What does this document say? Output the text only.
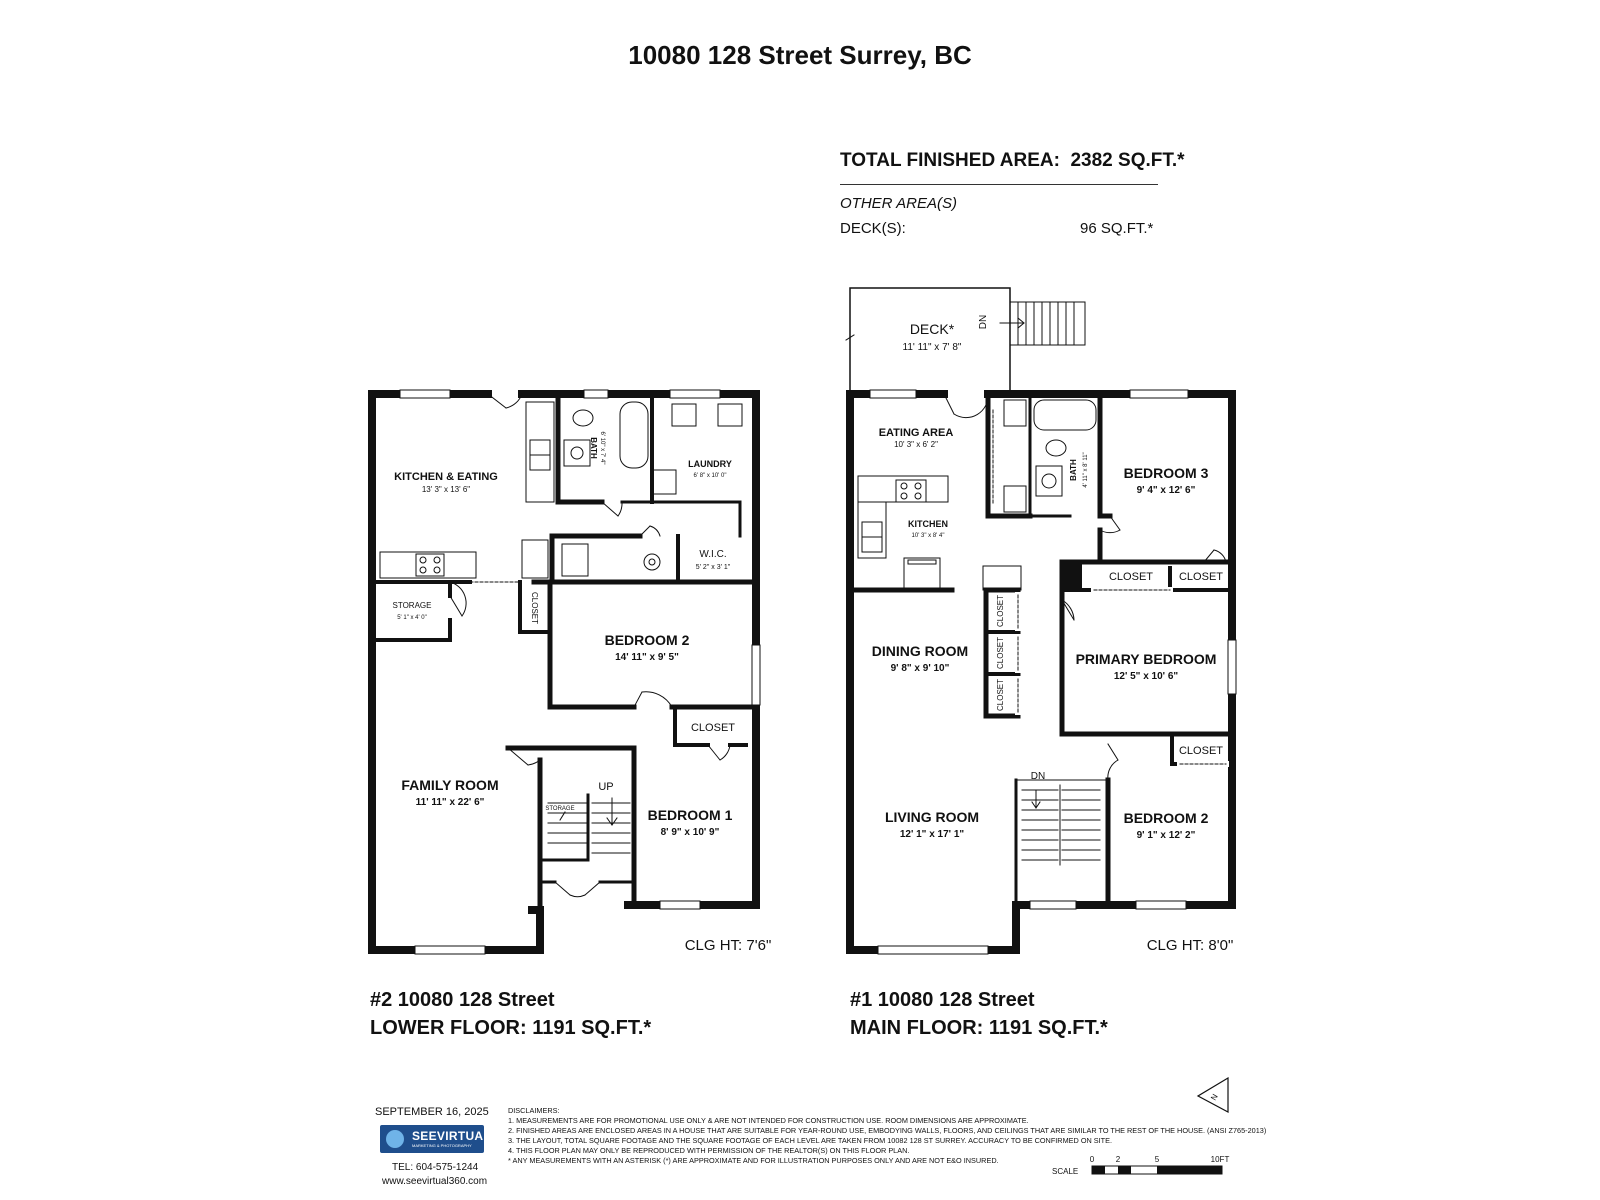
10080 128 Street Surrey, BC
TOTAL FINISHED AREA: 2382 SQ.FT.*
OTHER AREA(S)
DECK(S):	96 SQ.FT.*
KITCHEN & EATING
13' 3" x 13' 6"
BATH 6' 10" x 7' 4"	LAUNDRY
6' 8" x 10' 0"
W.I.C.
5' 2" x 3' 1"
STORAGE
5' 1" x 4' 0"	CLOSET
BEDROOM 2
14' 11" x 9' 5"
CLOSET
FAMILY ROOM
11' 11" x 22' 6"
STORAGE
UP
BEDROOM 1
8' 9" x 10' 9"
CLG HT: 7'6"
DECK*
11' 11" x 7' 8"
DN
EATING AREA
10' 3" x 6' 2"
KITCHEN
10' 3" x 8' 4"
BATH 4' 11" x 8' 11" BEDROOM 3
9' 4" x 12' 6"
CLOSET CLOSET
CLOSET
CLOSET
CLOSET
CLOSET
DINING ROOM
9' 8" x 9' 10"
PRIMARY BEDROOM
12' 5" x 10' 6"
LIVING ROOM
12' 1" x 17' 1"
DN
BEDROOM 2
9' 1" x 12' 2"
CLG HT: 8'0"
#2 10080 128 Street
LOWER FLOOR: 1191 SQ.FT.*
#1 10080 128 Street
MAIN FLOOR: 1191 SQ.FT.*
SCALE
0	2	5	10FT
N
SEPTEMBER 16, 2025
SEEVIRTUAL
MARKETING & PHOTOGRAPHY
TEL: 604-575-1244
www.seevirtual360.com
DISCLAIMERS:
1. MEASUREMENTS ARE FOR PROMOTIONAL USE ONLY & ARE NOT INTENDED FOR CONSTRUCTION USE. ROOM DIMENSIONS ARE APPROXIMATE.
2. FINISHED AREAS ARE ENCLOSED AREAS IN A HOUSE THAT ARE SUITABLE FOR YEAR-ROUND USE, EMBODYING WALLS, FLOORS, AND CEILINGS THAT ARE SIMILAR TO THE REST OF THE HOUSE. (ANSI Z765-2013)
3. THE LAYOUT, TOTAL SQUARE FOOTAGE AND THE SQUARE FOOTAGE OF EACH LEVEL ARE TAKEN FROM 10082 128 ST SURREY. ACCURACY TO BE CONFIRMED ON SITE.
4. THIS FLOOR PLAN MAY ONLY BE REPRODUCED WITH PERMISSION OF THE REALTOR(S) ON THIS FLOOR PLAN.
* ANY MEASUREMENTS WITH AN ASTERISK (*) ARE APPROXIMATE AND FOR ILLUSTRATION PURPOSES ONLY AND ARE NOT E&O INSURED.
